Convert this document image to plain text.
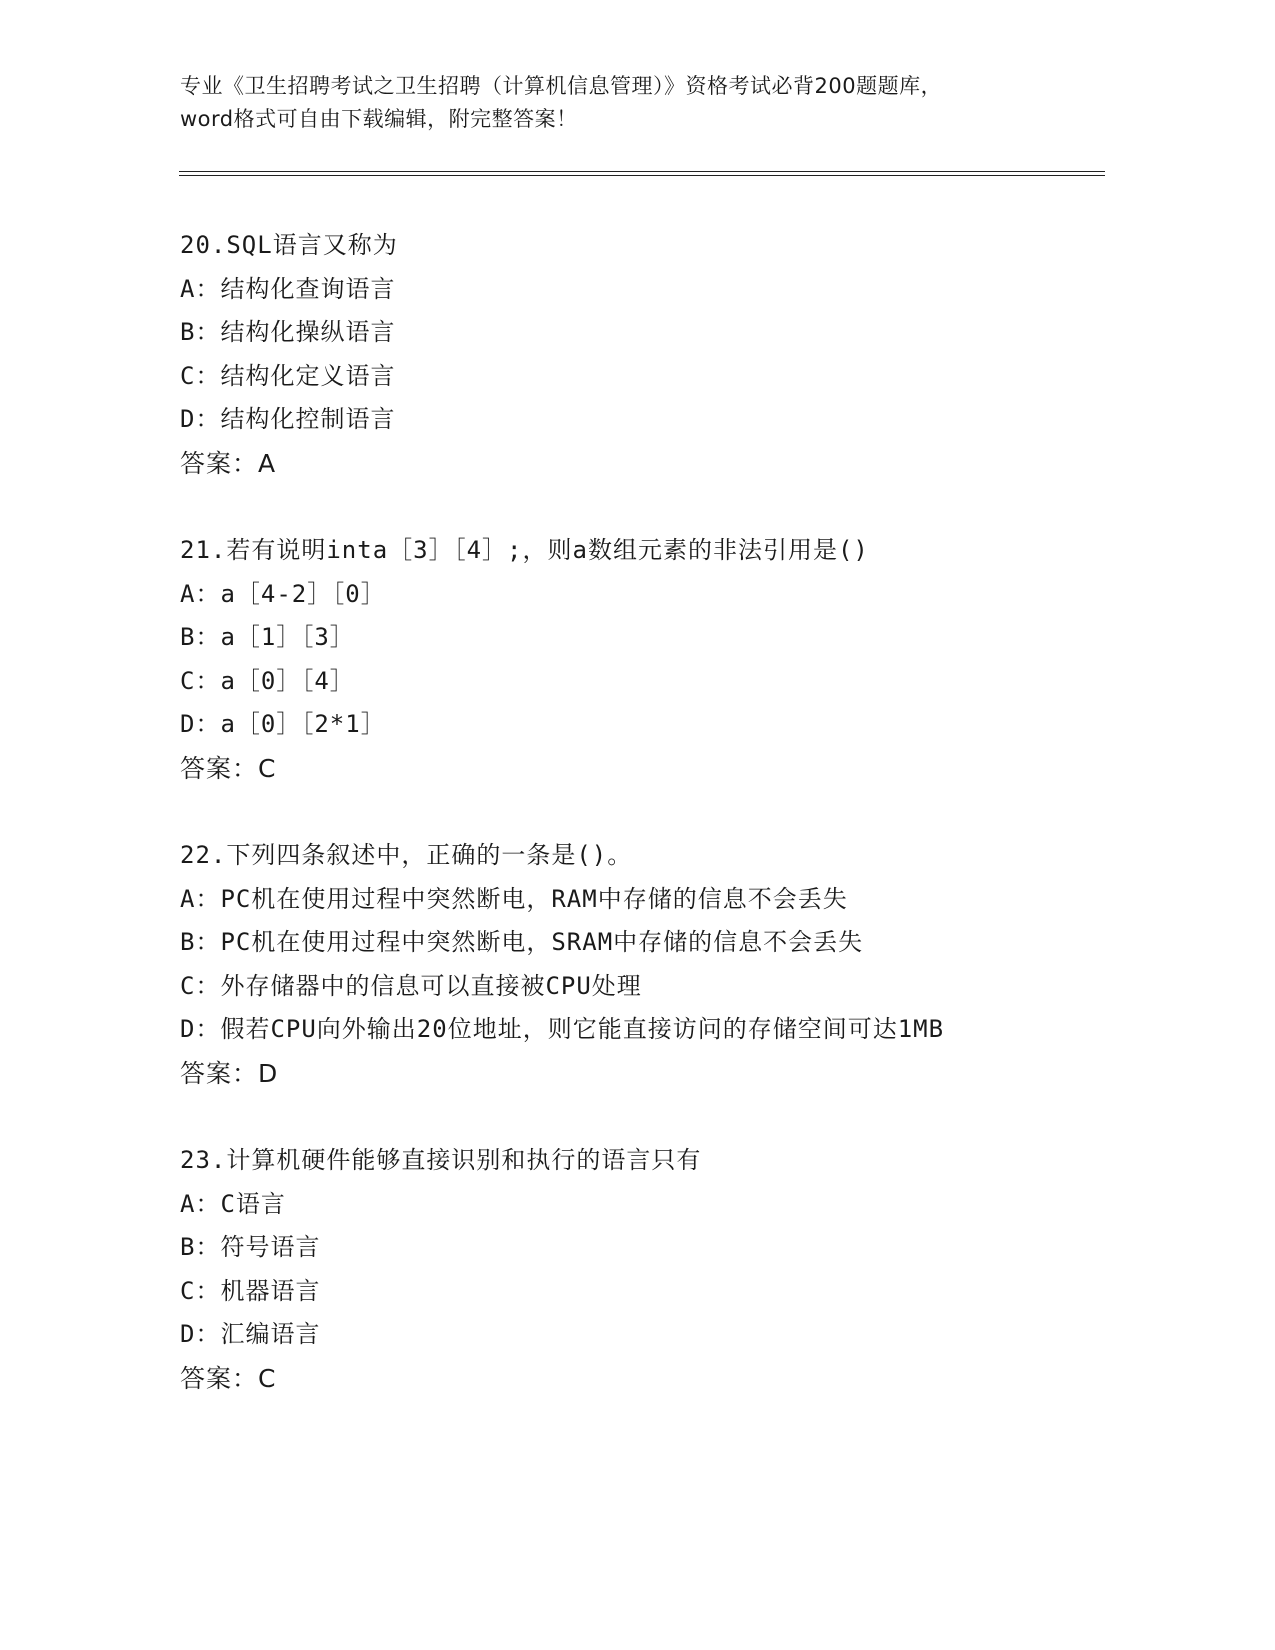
专业《卫生招聘考试之卫生招聘（计算机信息管理）》资格考试必背200题题库，
word格式可自由下载编辑，附完整答案！
20.SQL语言又称为
A：结构化查询语言
B：结构化操纵语言
C：结构化定义语言
D：结构化控制语言
答案：A
21.若有说明inta［3］［4］;，则a数组元素的非法引用是()
A：a［4-2］［0］
B：a［1］［3］
C：a［0］［4］
D：a［0］［2*1］
答案：C
22.下列四条叙述中，正确的一条是()。
A：PC机在使用过程中突然断电，RAM中存储的信息不会丢失
B：PC机在使用过程中突然断电，SRAM中存储的信息不会丢失
C：外存储器中的信息可以直接被CPU处理
D：假若CPU向外输出20位地址，则它能直接访问的存储空间可达1MB
答案：D
23.计算机硬件能够直接识别和执行的语言只有
A：C语言
B：符号语言
C：机器语言
D：汇编语言
答案：C
